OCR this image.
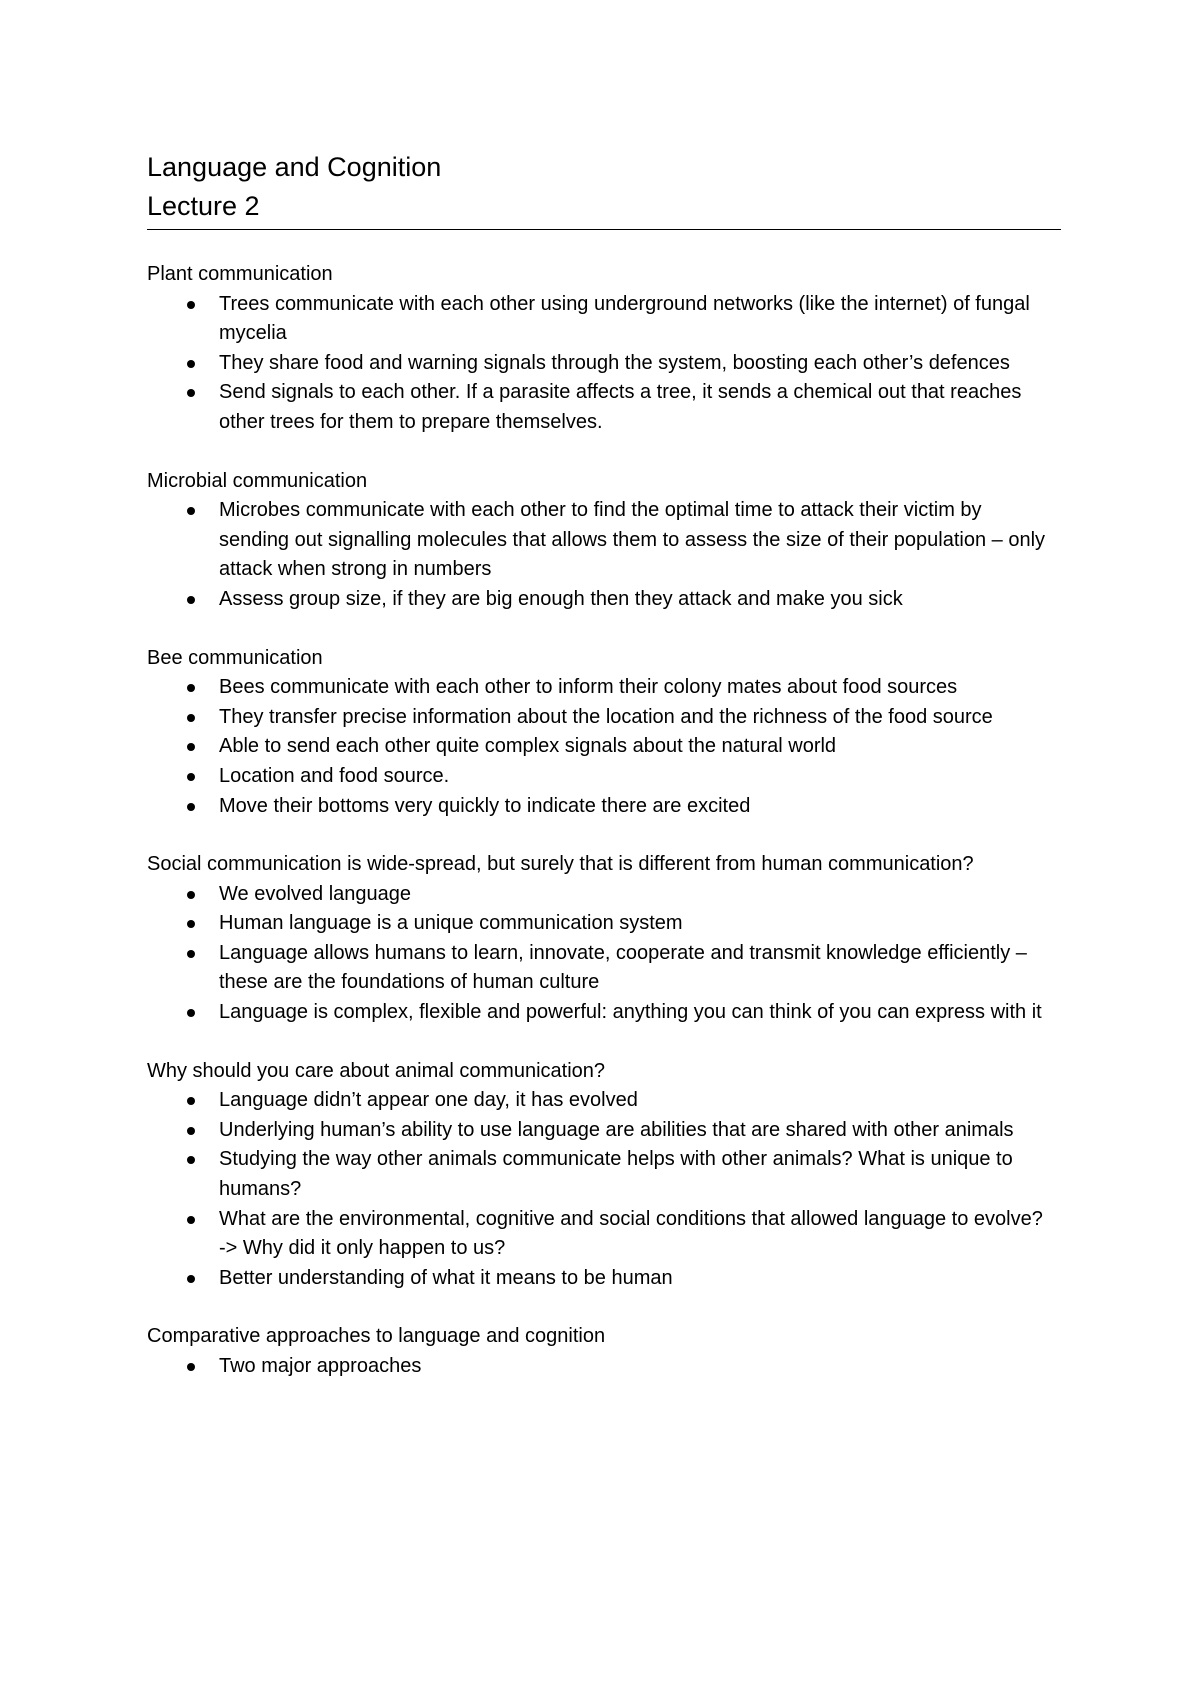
Language and Cognition
Lecture 2

Plant communication

Trees communicate with each other using underground networks (like the internet) of fungal mycelia
They share food and warning signals through the system, boosting each other’s defences
Send signals to each other. If a parasite affects a tree, it sends a chemical out that reaches other trees for them to prepare themselves.

Microbial communication

Microbes communicate with each other to find the optimal time to attack their victim by sending out signalling molecules that allows them to assess the size of their population – only attack when strong in numbers
Assess group size, if they are big enough then they attack and make you sick

Bee communication

Bees communicate with each other to inform their colony mates about food sources
They transfer precise information about the location and the richness of the food source
Able to send each other quite complex signals about the natural world
Location and food source.
Move their bottoms very quickly to indicate there are excited

Social communication is wide-spread, but surely that is different from human communication?

We evolved language
Human language is a unique communication system
Language allows humans to learn, innovate, cooperate and transmit knowledge efficiently – these are the foundations of human culture
Language is complex, flexible and powerful: anything you can think of you can express with it

Why should you care about animal communication?

Language didn’t appear one day, it has evolved
Underlying human’s ability to use language are abilities that are shared with other animals
Studying the way other animals communicate helps with other animals? What is unique to humans?
What are the environmental, cognitive and social conditions that allowed language to evolve? -> Why did it only happen to us?
Better understanding of what it means to be human

Comparative approaches to language and cognition

Two major approaches
